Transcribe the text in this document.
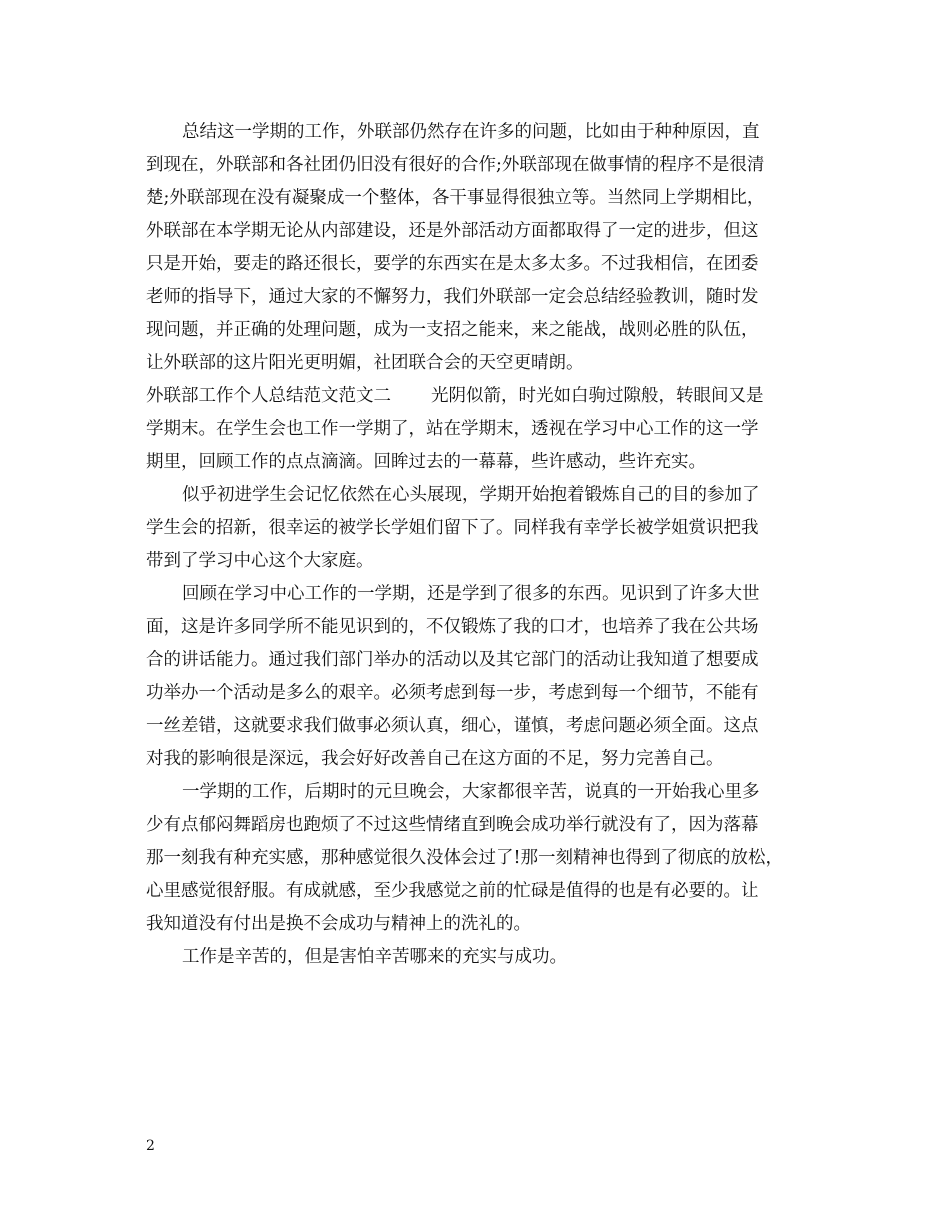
总结这一学期的工作，外联部仍然存在许多的问题，比如由于种种原因，直
到现在，外联部和各社团仍旧没有很好的合作;外联部现在做事情的程序不是很清
楚;外联部现在没有凝聚成一个整体，各干事显得很独立等。当然同上学期相比，
外联部在本学期无论从内部建设，还是外部活动方面都取得了一定的进步，但这
只是开始，要走的路还很长，要学的东西实在是太多太多。不过我相信，在团委
老师的指导下，通过大家的不懈努力，我们外联部一定会总结经验教训，随时发
现问题，并正确的处理问题，成为一支招之能来，来之能战，战则必胜的队伍，
让外联部的这片阳光更明媚，社团联合会的天空更晴朗。
外联部工作个人总结范文范文二 光阴似箭，时光如白驹过隙般，转眼间又是
学期末。在学生会也工作一学期了，站在学期末，透视在学习中心工作的这一学
期里，回顾工作的点点滴滴。回眸过去的一幕幕，些许感动，些许充实。
似乎初进学生会记忆依然在心头展现，学期开始抱着锻炼自己的目的参加了
学生会的招新，很幸运的被学长学姐们留下了。同样我有幸学长被学姐赏识把我
带到了学习中心这个大家庭。
回顾在学习中心工作的一学期，还是学到了很多的东西。见识到了许多大世
面，这是许多同学所不能见识到的，不仅锻炼了我的口才，也培养了我在公共场
合的讲话能力。通过我们部门举办的活动以及其它部门的活动让我知道了想要成
功举办一个活动是多么的艰辛。必须考虑到每一步，考虑到每一个细节，不能有
一丝差错，这就要求我们做事必须认真，细心，谨慎，考虑问题必须全面。这点
对我的影响很是深远，我会好好改善自己在这方面的不足，努力完善自己。
一学期的工作，后期时的元旦晚会，大家都很辛苦，说真的一开始我心里多
少有点郁闷舞蹈房也跑烦了不过这些情绪直到晚会成功举行就没有了，因为落幕
那一刻我有种充实感，那种感觉很久没体会过了!那一刻精神也得到了彻底的放松，
心里感觉很舒服。有成就感，至少我感觉之前的忙碌是值得的也是有必要的。让
我知道没有付出是换不会成功与精神上的洗礼的。
工作是辛苦的，但是害怕辛苦哪来的充实与成功。
2
